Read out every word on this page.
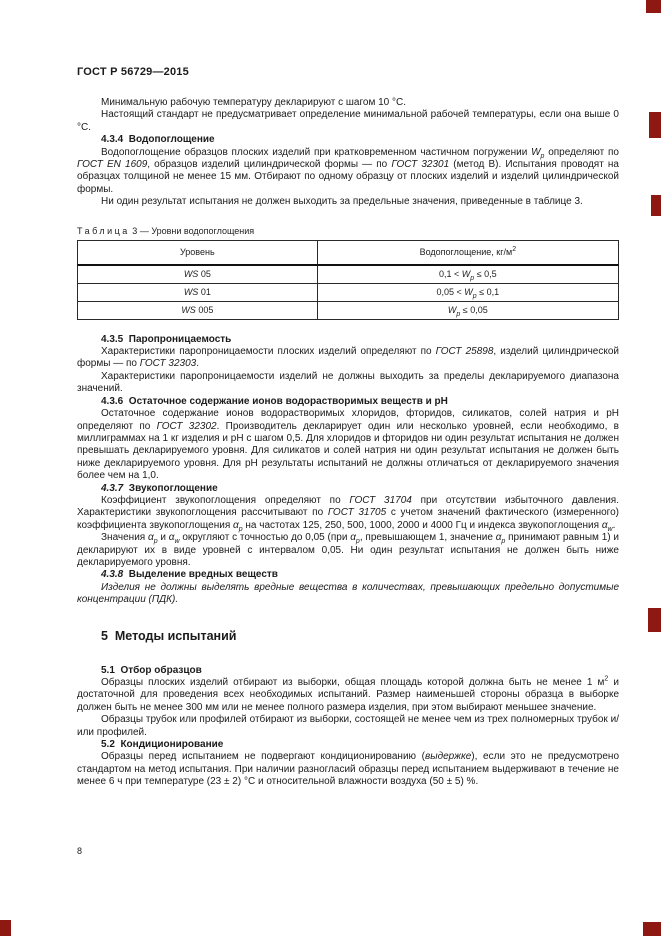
ГОСТ Р 56729—2015

Минимальную рабочую температуру декларируют с шагом 10 °С.

Настоящий стандарт не предусматривает определение минимальной рабочей температуры, если она выше 0 °С.

4.3.4  Водопоглощение

Водопоглощение образцов плоских изделий при кратковременном частичном погружении $W_p$ определяют по ГОСТ EN 1609, образцов изделий цилиндрической формы — по ГОСТ 32301 (метод В). Испытания проводят на образцах толщиной не менее 15 мм. Отбирают по одному образцу от плоских изделий и изделий цилиндрической формы.

Ни один результат испытания не должен выходить за предельные значения, приведенные в таблице 3.

Таблица 3 — Уровни водопоглощения
Уровень	Водопоглощение, $кг/м^2$
WS 05	$0,1 < W_p \le 0,5$
WS 01	$0,05 < W_p \le 0,1$
WS 005	$W_p \le 0,05$

4.3.5  Паропроницаемость

Характеристики паропроницаемости плоских изделий определяют по ГОСТ 25898, изделий цилиндрической формы — по ГОСТ 32303.

Характеристики паропроницаемости изделий не должны выходить за пределы декларируемого диапазона значений.

4.3.6  Остаточное содержание ионов водорастворимых веществ и pH

Остаточное содержание ионов водорастворимых хлоридов, фторидов, силикатов, солей натрия и pH определяют по ГОСТ 32302. Производитель декларирует один или несколько уровней, если необходимо, в миллиграммах на 1 кг изделия и pH с шагом 0,5. Для хлоридов и фторидов ни один результат испытания не должен превышать декларируемого уровня. Для силикатов и солей натрия ни один результат испытания не должен быть ниже декларируемого уровня. Для pH результаты испытаний не должны отличаться от декларируемого значения более чем на 1,0.

4.3.7  Звукопоглощение

Коэффициент звукопоглощения определяют по ГОСТ 31704 при отсутствии избыточного давления. Характеристики звукопоглощения рассчитывают по ГОСТ 31705 с учетом значений фактического (измеренного) коэффициента звукопоглощения $\alpha_p$ на частотах 125, 250, 500, 1000, 2000 и 4000 Гц и индекса звукопоглощения $\alpha_w$.

Значения $\alpha_p$ и $\alpha_w$ округляют с точностью до 0,05 (при $\alpha_p$, превышающем 1, значение $\alpha_p$ принимают равным 1) и декларируют их в виде уровней с интервалом 0,05. Ни один результат испытания не должен быть ниже декларируемого уровня.

4.3.8  Выделение вредных веществ

Изделия не должны выделять вредные вещества в количествах, превышающих предельно допустимые концентрации (ПДК).

5  Методы испытаний

5.1  Отбор образцов

Образцы плоских изделий отбирают из выборки, общая площадь которой должна быть не менее 1 $м^2$ и достаточной для проведения всех необходимых испытаний. Размер наименьшей стороны образца в выборке должен быть не менее 300 мм или не менее полного размера изделия, при этом выбирают меньшее значение.

Образцы трубок или профилей отбирают из выборки, состоящей не менее чем из трех полномерных трубок и/или профилей.

5.2  Кондиционирование

Образцы перед испытанием не подвергают кондиционированию (выдержке), если это не предусмотрено стандартом на метод испытания. При наличии разногласий образцы перед испытанием выдерживают в течение не менее 6 ч при температуре (23 ± 2) °С и относительной влажности воздуха (50 ± 5) %.

8
